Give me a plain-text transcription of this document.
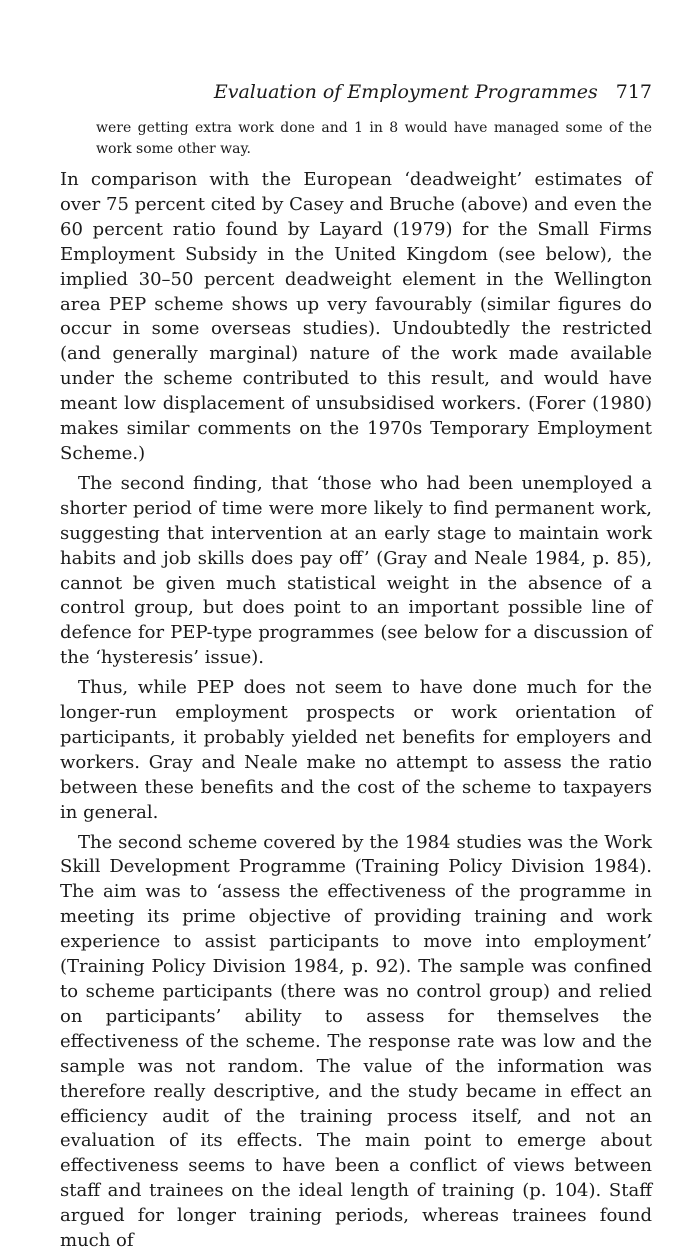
Evaluation of Employment Programmes 717
were getting extra work done and 1 in 8 would have managed some of the work some other way.

In comparison with the European ‘deadweight’ estimates of over 75 percent cited by Casey and Bruche (above) and even the 60 percent ratio found by Layard (1979) for the Small Firms Employment Subsidy in the United Kingdom (see below), the implied 30–50 percent deadweight element in the Wellington area PEP scheme shows up very favourably (similar figures do occur in some overseas studies). Undoubtedly the restricted (and generally marginal) nature of the work made available under the scheme contributed to this result, and would have meant low displacement of unsubsidised workers. (Forer (1980) makes similar comments on the 1970s Temporary Employment Scheme.)

The second finding, that ‘those who had been unemployed a shorter period of time were more likely to find permanent work, suggesting that intervention at an early stage to maintain work habits and job skills does pay off’ (Gray and Neale 1984, p. 85), cannot be given much statistical weight in the absence of a control group, but does point to an important possible line of defence for PEP-type programmes (see below for a discussion of the ‘hysteresis’ issue).

Thus, while PEP does not seem to have done much for the longer-run employment prospects or work orientation of participants, it probably yielded net benefits for employers and workers. Gray and Neale make no attempt to assess the ratio between these benefits and the cost of the scheme to taxpayers in general.

The second scheme covered by the 1984 studies was the Work Skill Development Programme (Training Policy Division 1984). The aim was to ‘assess the effectiveness of the programme in meeting its prime objective of providing training and work experience to assist participants to move into employment’ (Training Policy Division 1984, p. 92). The sample was confined to scheme participants (there was no control group) and relied on participants’ ability to assess for themselves the effectiveness of the scheme. The response rate was low and the sample was not random. The value of the information was therefore really descriptive, and the study became in effect an efficiency audit of the training process itself, and not an evaluation of its effects. The main point to emerge about effectiveness seems to have been a conflict of views between staff and trainees on the ideal length of training (p. 104). Staff argued for longer training periods, whereas trainees found much of
